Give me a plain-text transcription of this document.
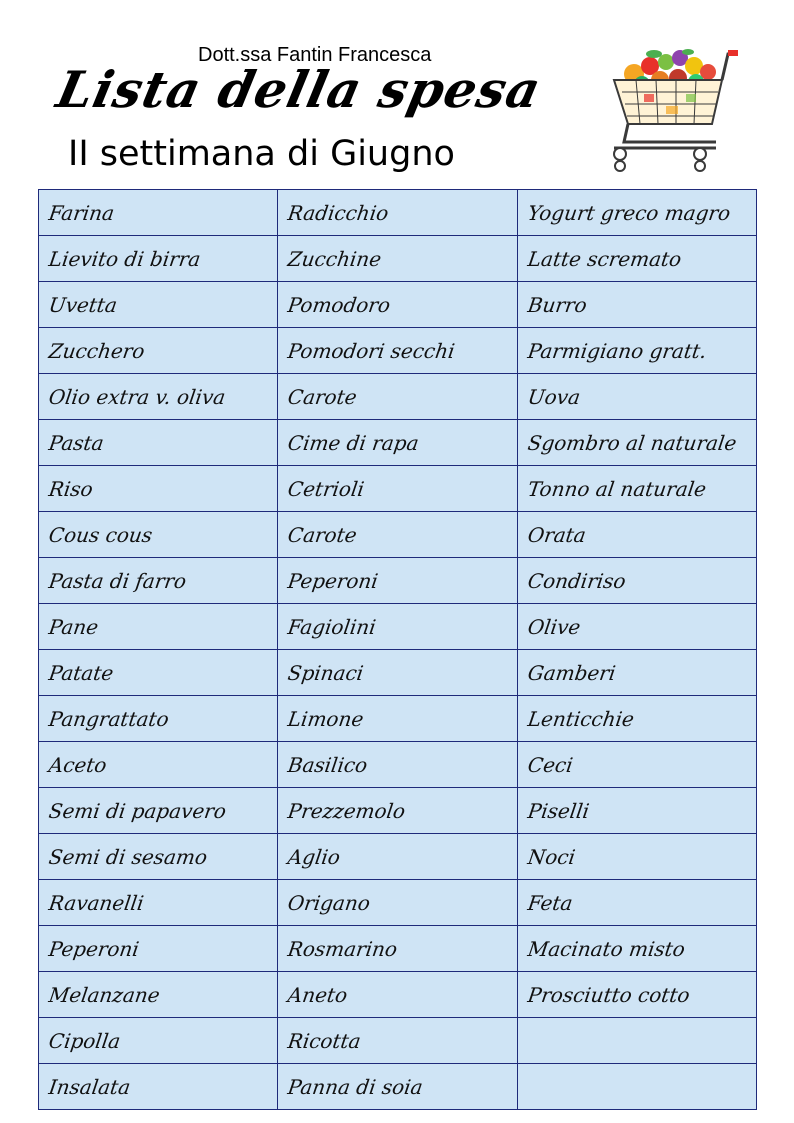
Dott.ssa Fantin Francesca
Lista della spesa
II settimana di Giugno
Farina	Radicchio	Yogurt greco magro
Lievito di birra	Zucchine	Latte scremato
Uvetta	Pomodoro	Burro
Zucchero	Pomodori secchi	Parmigiano gratt.
Olio extra v. oliva	Carote	Uova
Pasta	Cime di rapa	Sgombro al naturale
Riso	Cetrioli	Tonno al naturale
Cous cous	Carote	Orata
Pasta di farro	Peperoni	Condiriso
Pane	Fagiolini	Olive
Patate	Spinaci	Gamberi
Pangrattato	Limone	Lenticchie
Aceto	Basilico	Ceci
Semi di papavero	Prezzemolo	Piselli
Semi di sesamo	Aglio	Noci
Ravanelli	Origano	Feta
Peperoni	Rosmarino	Macinato misto
Melanzane	Aneto	Prosciutto cotto
Cipolla	Ricotta	
Insalata	Panna di soia	
